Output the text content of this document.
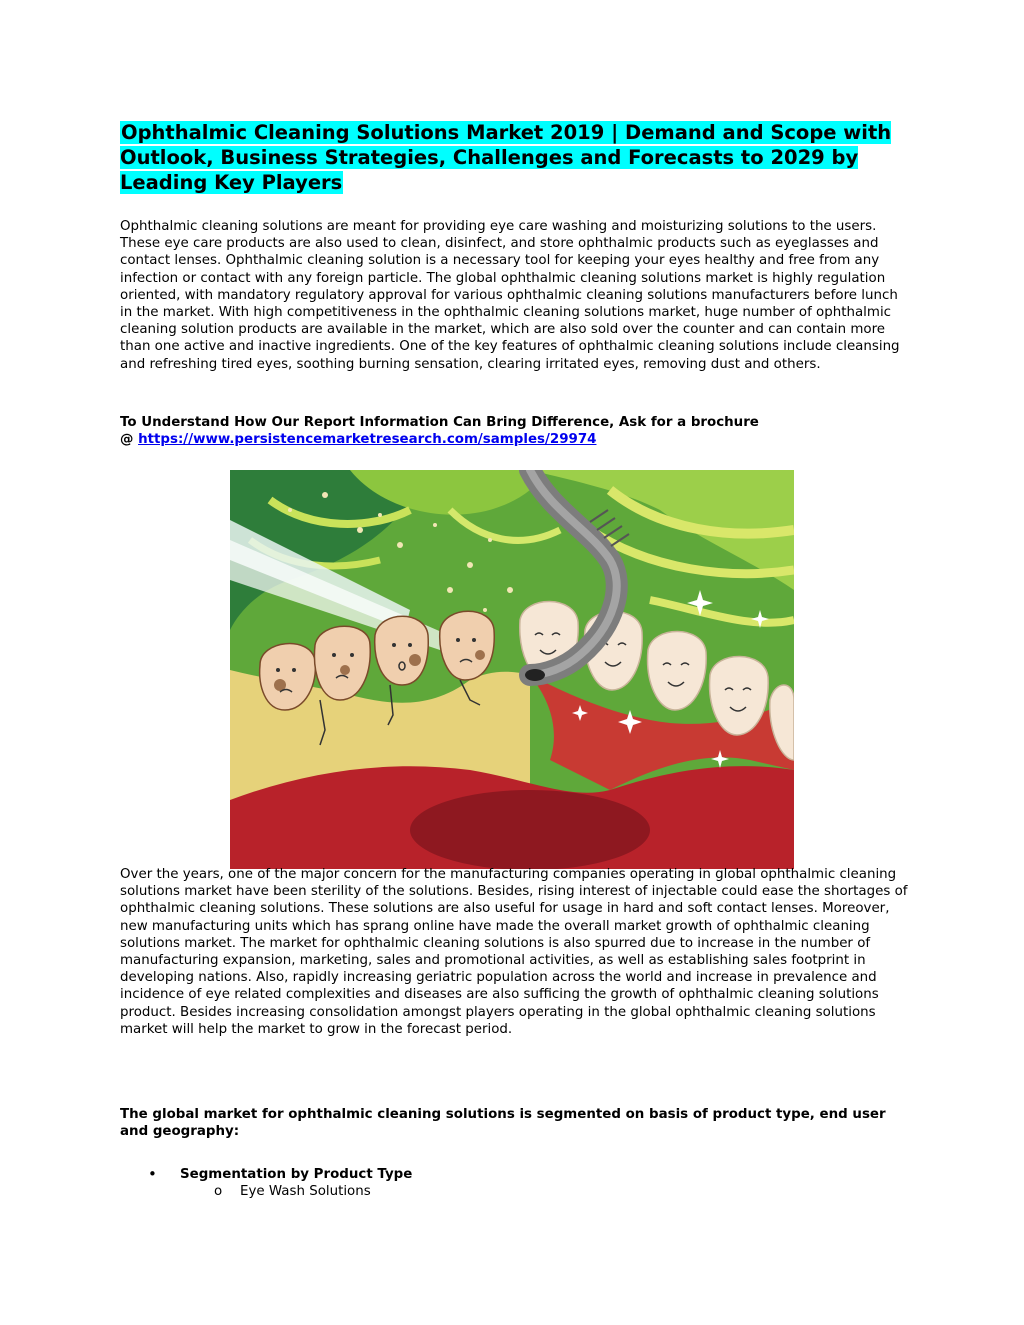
Ophthalmic Cleaning Solutions Market 2019 | Demand and Scope with Outlook, Business Strategies, Challenges and Forecasts to 2029 by Leading Key Players

Ophthalmic cleaning solutions are meant for providing eye care washing and moisturizing solutions to the users. These eye care products are also used to clean, disinfect, and store ophthalmic products such as eyeglasses and contact lenses. Ophthalmic cleaning solution is a necessary tool for keeping your eyes healthy and free from any infection or contact with any foreign particle. The global ophthalmic cleaning solutions market is highly regulation oriented, with mandatory regulatory approval for various ophthalmic cleaning solutions manufacturers before lunch in the market. With high competitiveness in the ophthalmic cleaning solutions market, huge number of ophthalmic cleaning solution products are available in the market, which are also sold over the counter and can contain more than one active and inactive ingredients. One of the key features of ophthalmic cleaning solutions include cleansing and refreshing tired eyes, soothing burning sensation, clearing irritated eyes, removing dust and others.

To Understand How Our Report Information Can Bring Difference, Ask for a brochure
@ https://www.persistencemarketresearch.com/samples/29974

Over the years, one of the major concern for the manufacturing companies operating in global ophthalmic cleaning solutions market have been sterility of the solutions. Besides, rising interest of injectable could ease the shortages of ophthalmic cleaning solutions. These solutions are also useful for usage in hard and soft contact lenses. Moreover, new manufacturing units which has sprang online have made the overall market growth of ophthalmic cleaning solutions market. The market for ophthalmic cleaning solutions is also spurred due to increase in the number of manufacturing expansion, marketing, sales and promotional activities, as well as establishing sales footprint in developing nations. Also, rapidly increasing geriatric population across the world and increase in prevalence and incidence of eye related complexities and diseases are also sufficing the growth of ophthalmic cleaning solutions product. Besides increasing consolidation amongst players operating in the global ophthalmic cleaning solutions market will help the market to grow in the forecast period.

The global market for ophthalmic cleaning solutions is segmented on basis of product type, end user and geography:

• Segmentation by Product Type
o Eye Wash Solutions
